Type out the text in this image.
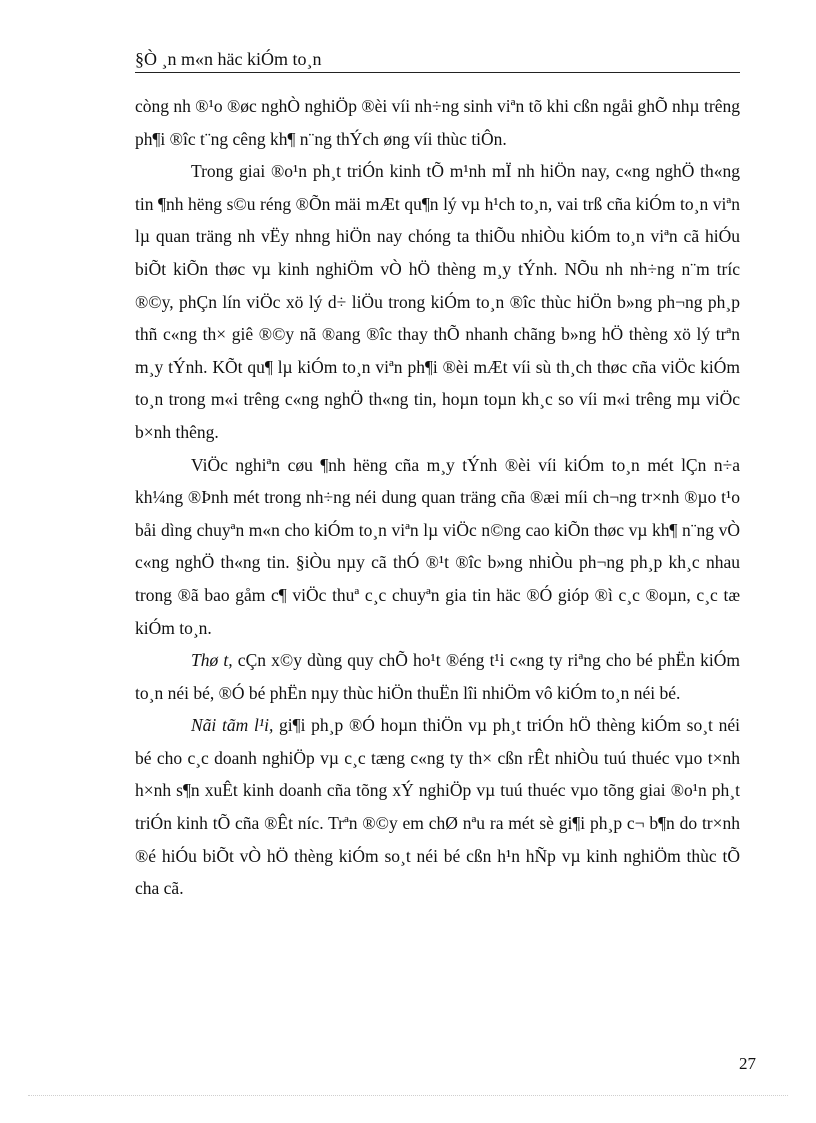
§Ò ¸n m«n häc kiÓm to¸n

còng nh ®¹o ®øc nghÒ nghiÖp ®èi víi nh÷ng sinh viªn tõ khi cßn ngåi ghÕ nhµ trêng ph¶i ®îc t¨ng cêng kh¶ n¨ng thÝch øng víi thùc tiÔn.

Trong giai ®o¹n ph¸t triÓn kinh tÕ m¹nh mÏ nh hiÖn nay, c«ng nghÖ th«ng tin ¶nh hëng s©u réng ®Õn mäi mÆt qu¶n lý vµ h¹ch to¸n, vai trß cña kiÓm to¸n viªn lµ quan träng nh vËy nhng hiÖn nay chóng ta thiÕu nhiÒu kiÓm to¸n viªn cã hiÓu biÕt kiÕn thøc vµ kinh nghiÖm vÒ hÖ thèng m¸y tÝnh. NÕu nh nh÷ng n¨m tríc ®©y, phÇn lín viÖc xö lý d÷ liÖu trong kiÓm to¸n ®îc thùc hiÖn b»ng ph¬ng ph¸p thñ c«ng th× giê ®©y nã ®ang ®îc thay thÕ nhanh chãng b»ng hÖ thèng xö lý trªn m¸y tÝnh. KÕt qu¶ lµ kiÓm to¸n viªn ph¶i ®èi mÆt víi sù th¸ch thøc cña viÖc kiÓm to¸n trong m«i trêng c«ng nghÖ th«ng tin, hoµn toµn kh¸c so víi m«i trêng mµ viÖc b×nh thêng.

ViÖc nghiªn cøu ¶nh hëng cña m¸y tÝnh ®èi víi kiÓm to¸n mét lÇn n÷a kh¼ng ®Þnh mét trong nh÷ng néi dung quan träng cña ®æi míi ch¬ng tr×nh ®µo t¹o båi dìng chuyªn m«n cho kiÓm to¸n viªn lµ viÖc n©ng cao kiÕn thøc vµ kh¶ n¨ng vÒ c«ng nghÖ th«ng tin. §iÒu nµy cã thÓ ®¹t ®îc b»ng nhiÒu ph¬ng ph¸p kh¸c nhau trong ®ã bao gåm c¶ viÖc thuª c¸c chuyªn gia tin häc ®Ó gióp ®ì c¸c ®oµn, c¸c tæ kiÓm to¸n.

Thø t, cÇn x©y dùng quy chÕ ho¹t ®éng t¹i c«ng ty riªng cho bé phËn kiÓm to¸n néi bé, ®Ó bé phËn nµy thùc hiÖn thuËn lîi nhiÖm vô kiÓm to¸n néi bé.

Nãi tãm l¹i, gi¶i ph¸p ®Ó hoµn thiÖn vµ ph¸t triÓn hÖ thèng kiÓm so¸t néi bé cho c¸c doanh nghiÖp vµ c¸c tæng c«ng ty th× cßn rÊt nhiÒu tuú thuéc vµo t×nh h×nh s¶n xuÊt kinh doanh cña tõng xÝ nghiÖp vµ tuú thuéc vµo tõng giai ®o¹n ph¸t triÓn kinh tÕ cña ®Êt níc. Trªn ®©y em chØ nªu ra mét sè gi¶i ph¸p c¬ b¶n do tr×nh ®é hiÓu biÕt vÒ hÖ thèng kiÓm so¸t néi bé cßn h¹n hÑp vµ kinh nghiÖm thùc tÕ cha cã.

27
